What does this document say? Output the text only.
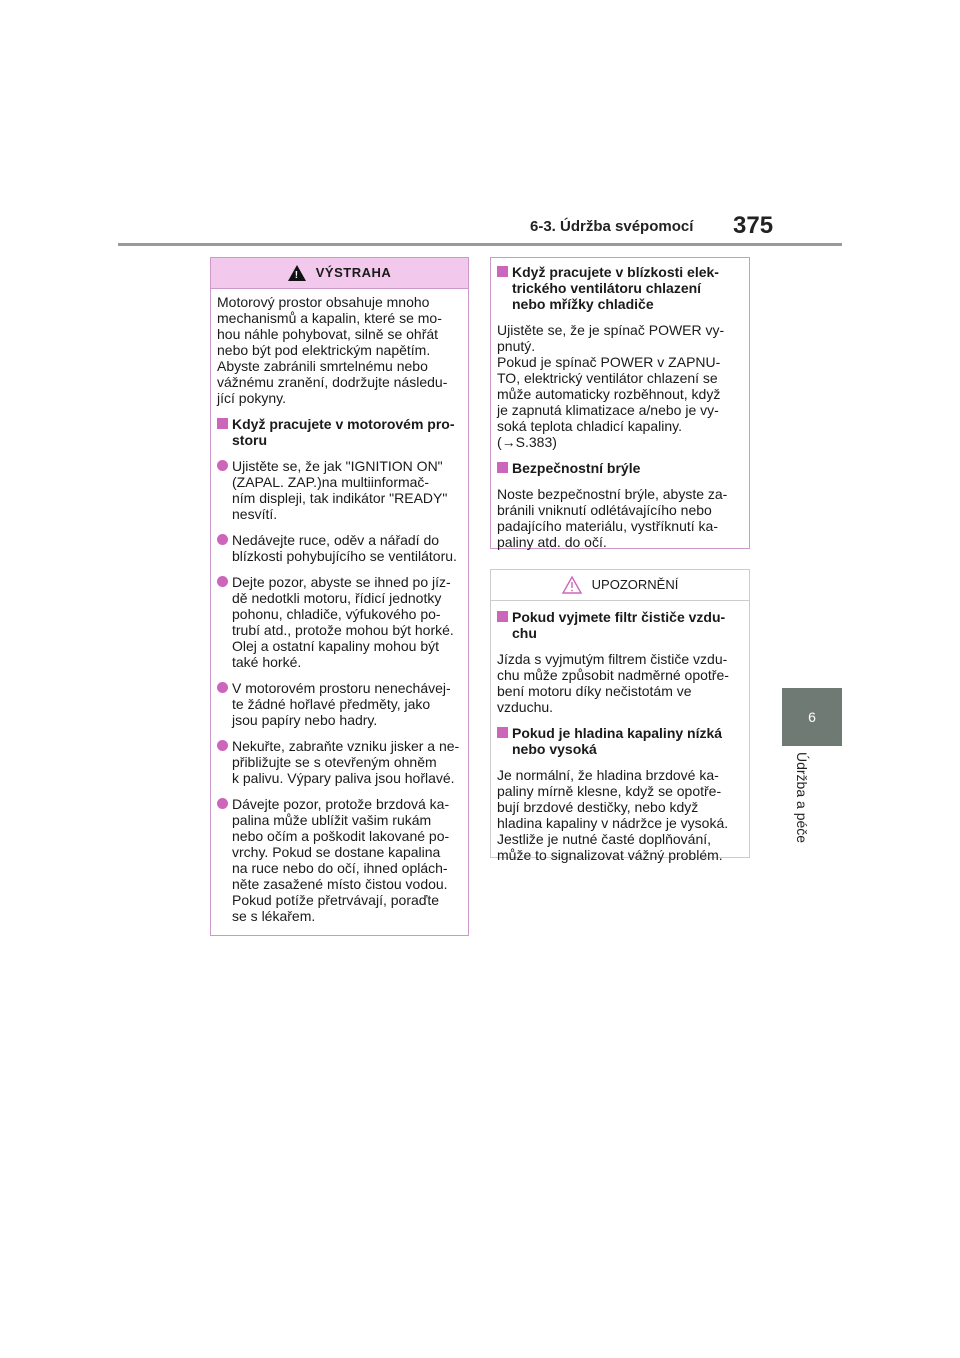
6-3. Údržba svépomocí 375
6
Údržba a péče
! VÝSTRAHA

Motorový prostor obsahuje mnoho
mechanismů a kapalin, které se mo-
hou náhle pohybovat, silně se ohřát
nebo být pod elektrickým napětím.
Abyste zabránili smrtelnému nebo
vážnému zranění, dodržujte následu-
jící pokyny.

Když pracujete v motorovém pro-
storu
Ujistěte se, že jak "IGNITION ON"
(ZAPAL. ZAP.)na multiinformač-
ním displeji, tak indikátor "READY"
nesvítí.
Nedávejte ruce, oděv a nářadí do
blízkosti pohybujícího se ventilátoru.
Dejte pozor, abyste se ihned po jíz-
dě nedotkli motoru, řídicí jednotky
pohonu, chladiče, výfukového po-
trubí atd., protože mohou být horké.
Olej a ostatní kapaliny mohou být
také horké.
V motorovém prostoru nenechávej-
te žádné hořlavé předměty, jako
jsou papíry nebo hadry.
Nekuřte, zabraňte vzniku jisker a ne-
přibližujte se s otevřeným ohněm
k palivu. Výpary paliva jsou hořlavé.
Dávejte pozor, protože brzdová ka-
palina může ublížit vašim rukám
nebo očím a poškodit lakované po-
vrchy. Pokud se dostane kapalina
na ruce nebo do očí, ihned oplách-
něte zasažené místo čistou vodou.
Pokud potíže přetrvávají, poraďte
se s lékařem.
Když pracujete v blízkosti elek-
trického ventilátoru chlazení
nebo mřížky chladiče

Ujistěte se, že je spínač POWER vy-
pnutý.
Pokud je spínač POWER v ZAPNU-
TO, elektrický ventilátor chlazení se
může automaticky rozběhnout, když
je zapnutá klimatizace a/nebo je vy-
soká teplota chladicí kapaliny.
(→S.383)

Bezpečnostní brýle

Noste bezpečnostní brýle, abyste za-
bránili vniknutí odlétávajícího nebo
padajícího materiálu, vystříknutí ka-
paliny atd. do očí.

UPOZORNĚNÍ
Pokud vyjmete filtr čističe vzdu-
chu

Jízda s vyjmutým filtrem čističe vzdu-
chu může způsobit nadměrné opotře-
bení motoru díky nečistotám ve
vzduchu.

Pokud je hladina kapaliny nízká
nebo vysoká

Je normální, že hladina brzdové ka-
paliny mírně klesne, když se opotře-
bují brzdové destičky, nebo když
hladina kapaliny v nádržce je vysoká.
Jestliže je nutné časté doplňování,
může to signalizovat vážný problém.
